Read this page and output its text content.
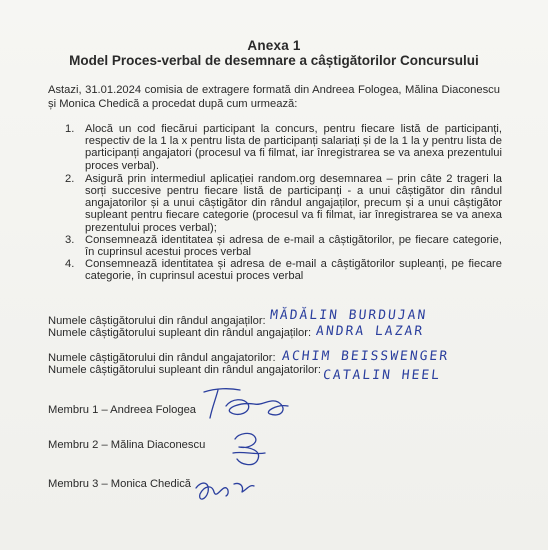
Anexa 1
Model Proces-verbal de desemnare a câștigătorilor Concursului
Astazi, 31.01.2024 comisia de extragere formată din Andreea Fologea, Mălina Diaconescu și Monica Chedică a procedat după cum urmează:
1. Alocă un cod fiecărui participant la concurs, pentru fiecare listă de participanți, respectiv de la 1 la x pentru lista de participanți salariați și de la 1 la y pentru lista de participanți angajatori (procesul va fi filmat, iar înregistrarea se va anexa prezentului proces verbal).
2. Asigură prin intermediul aplicației random.org desemnarea – prin câte 2 trageri la sorți succesive pentru fiecare listă de participanți - a unui câștigător din rândul angajatorilor și a unui câștigător din rândul angajaților, precum și a unui câștigător supleant pentru fiecare categorie (procesul va fi filmat, iar înregistrarea se va anexa prezentului proces verbal);
3. Consemnează identitatea și adresa de e-mail a câștigătorilor, pe fiecare categorie, în cuprinsul acestui proces verbal
4. Consemnează identitatea și adresa de e-mail a câștigătorilor supleanți, pe fiecare categorie, în cuprinsul acestui proces verbal
Numele câștigătorului din rândul angajaților: MĂDĂLIN BURDUJAN
Numele câștigătorului supleant din rândul angajaților: ANDRA LAZAR
Numele câștigătorului din rândul angajatorilor: ACHIM BEISSWENGER
Numele câștigătorului supleant din rândul angajatorilor: CATALIN HEEL
Membru 1 – Andreea Fologea
Membru 2 – Mălina Diaconescu
Membru 3 – Monica Chedică
